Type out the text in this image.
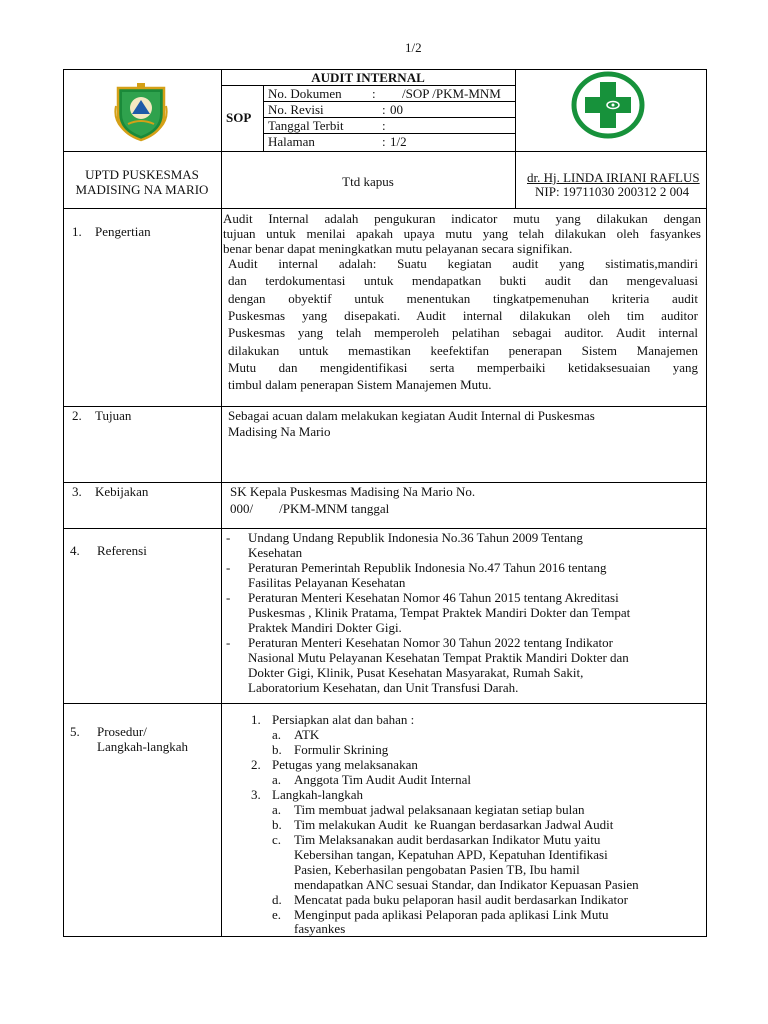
1/2
AUDIT INTERNAL
SOP
No. Dokumen : /SOP /PKM-MNM
No. Revisi	: 00
Tanggal Terbit	:
Halaman	: 1/2
UPTD PUSKESMAS
MADISING NA MARIO
Ttd kapus	dr. Hj. LINDA IRIANI RAFLUS
NIP: 19711030 200312 2 004
1. Pengertian
Audit Internal adalah pengukuran indicator mutu yang dilakukan dengan
tujuan untuk menilai apakah upaya mutu yang telah dilakukan oleh fasyankes
benar benar dapat meningkatkan mutu pelayanan secara signifikan.
Audit internal adalah: Suatu kegiatan audit yang sistimatis,mandiri
dan terdokumentasi untuk mendapatkan bukti audit dan mengevaluasi
dengan obyektif untuk menentukan tingkatpemenuhan kriteria audit
Puskesmas yang disepakati. Audit internal dilakukan oleh tim auditor
Puskesmas yang telah memperoleh pelatihan sebagai auditor. Audit internal
dilakukan untuk memastikan keefektifan penerapan Sistem Manajemen
Mutu dan mengidentifikasi serta memperbaiki ketidaksesuaian yang
timbul dalam penerapan Sistem Manajemen Mutu.
2. Tujuan	Sebagai acuan dalam melakukan kegiatan Audit Internal di Puskesmas
Madising Na Mario
3. Kebijakan	SK Kepala Puskesmas Madising Na Mario No.
000/        /PKM-MNM tanggal
4. Referensi
- Undang Undang Republik Indonesia No.36 Tahun 2009 Tentang
Kesehatan
- Peraturan Pemerintah Republik Indonesia No.47 Tahun 2016 tentang
Fasilitas Pelayanan Kesehatan
- Peraturan Menteri Kesehatan Nomor 46 Tahun 2015 tentang Akreditasi
Puskesmas , Klinik Pratama, Tempat Praktek Mandiri Dokter dan Tempat
Praktek Mandiri Dokter Gigi.
- Peraturan Menteri Kesehatan Nomor 30 Tahun 2022 tentang Indikator
Nasional Mutu Pelayanan Kesehatan Tempat Praktik Mandiri Dokter dan
Dokter Gigi, Klinik, Pusat Kesehatan Masyarakat, Rumah Sakit,
Laboratorium Kesehatan, dan Unit Transfusi Darah.
5. Prosedur/
Langkah-langkah
1. Persiapkan alat dan bahan :
a. ATK
b. Formulir Skrining
2. Petugas yang melaksanakan
a. Anggota Tim Audit Audit Internal
3. Langkah-langkah
a. Tim membuat jadwal pelaksanaan kegiatan setiap bulan
b. Tim melakukan Audit  ke Ruangan berdasarkan Jadwal Audit
c. Tim Melaksanakan audit berdasarkan Indikator Mutu yaitu
Kebersihan tangan, Kepatuhan APD, Kepatuhan Identifikasi
Pasien, Keberhasilan pengobatan Pasien TB, Ibu hamil
mendapatkan ANC sesuai Standar, dan Indikator Kepuasan Pasien
d. Mencatat pada buku pelaporan hasil audit berdasarkan Indikator
e. Menginput pada aplikasi Pelaporan pada aplikasi Link Mutu
fasyankes
